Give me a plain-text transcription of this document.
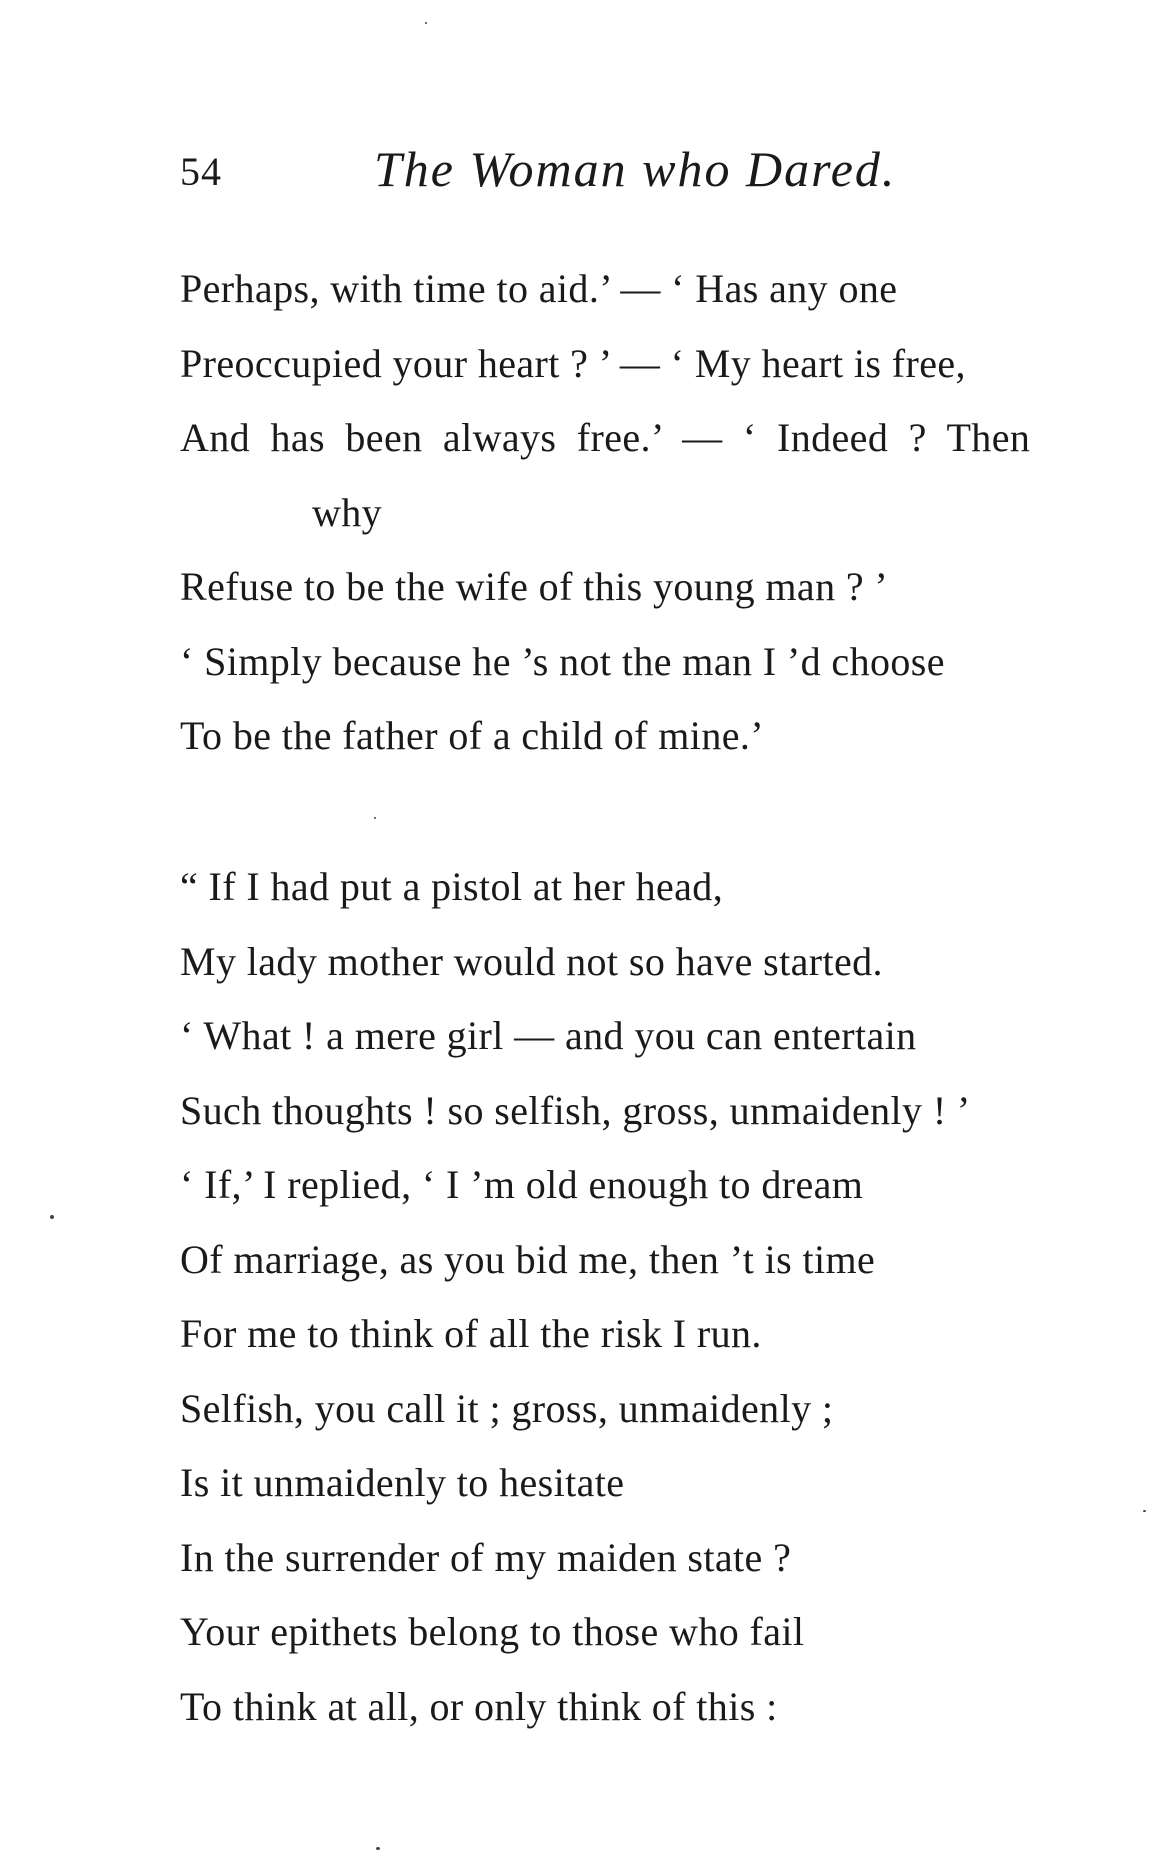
54	The Woman who Dared.
Perhaps, with time to aid.’ — ‘ Has any one
Preoccupied your heart ? ’ — ‘ My heart is free,
And has been always free.’ — ‘ Indeed ? Then
why
Refuse to be the wife of this young man ? ’
‘ Simply because he ’s not the man I ’d choose
To be the father of a child of mine.’
“ If I had put a pistol at her head,
My lady mother would not so have started.
‘ What ! a mere girl — and you can entertain
Such thoughts ! so selfish, gross, unmaidenly ! ’
‘ If,’ I replied, ‘ I ’m old enough to dream
Of marriage, as you bid me, then ’t is time
For me to think of all the risk I run.
Selfish, you call it ; gross, unmaidenly ;
Is it unmaidenly to hesitate
In the surrender of my maiden state ?
Your epithets belong to those who fail
To think at all, or only think of this :
